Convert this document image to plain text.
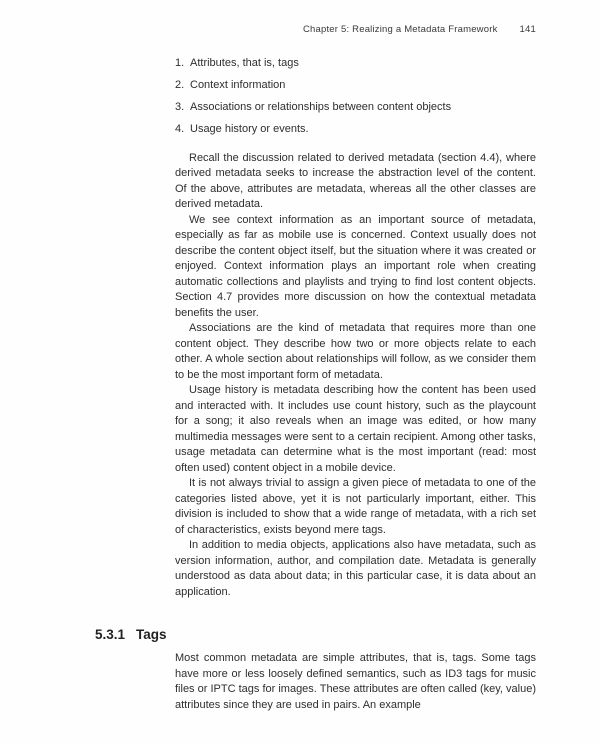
Chapter 5: Realizing a Metadata Framework 141
1. Attributes, that is, tags
2. Context information
3. Associations or relationships between content objects
4. Usage history or events.

Recall the discussion related to derived metadata (section 4.4), where derived metadata seeks to increase the abstraction level of the content. Of the above, attributes are metadata, whereas all the other classes are derived metadata.

We see context information as an important source of metadata, especially as far as mobile use is concerned. Context usually does not describe the content object itself, but the situation where it was created or enjoyed. Context information plays an important role when creating automatic collections and playlists and trying to find lost content objects. Section 4.7 provides more discussion on how the contextual metadata benefits the user.

Associations are the kind of metadata that requires more than one content object. They describe how two or more objects relate to each other. A whole section about relationships will follow, as we consider them to be the most important form of metadata.

Usage history is metadata describing how the content has been used and interacted with. It includes use count history, such as the playcount for a song; it also reveals when an image was edited, or how many multimedia messages were sent to a certain recipient. Among other tasks, usage metadata can determine what is the most important (read: most often used) content object in a mobile device.

It is not always trivial to assign a given piece of metadata to one of the categories listed above, yet it is not particularly important, either. This division is included to show that a wide range of metadata, with a rich set of characteristics, exists beyond mere tags.

In addition to media objects, applications also have metadata, such as version information, author, and compilation date. Metadata is generally understood as data about data; in this particular case, it is data about an application.

5.3.1 Tags

Most common metadata are simple attributes, that is, tags. Some tags have more or less loosely defined semantics, such as ID3 tags for music files or IPTC tags for images. These attributes are often called (key, value) attributes since they are used in pairs. An example
